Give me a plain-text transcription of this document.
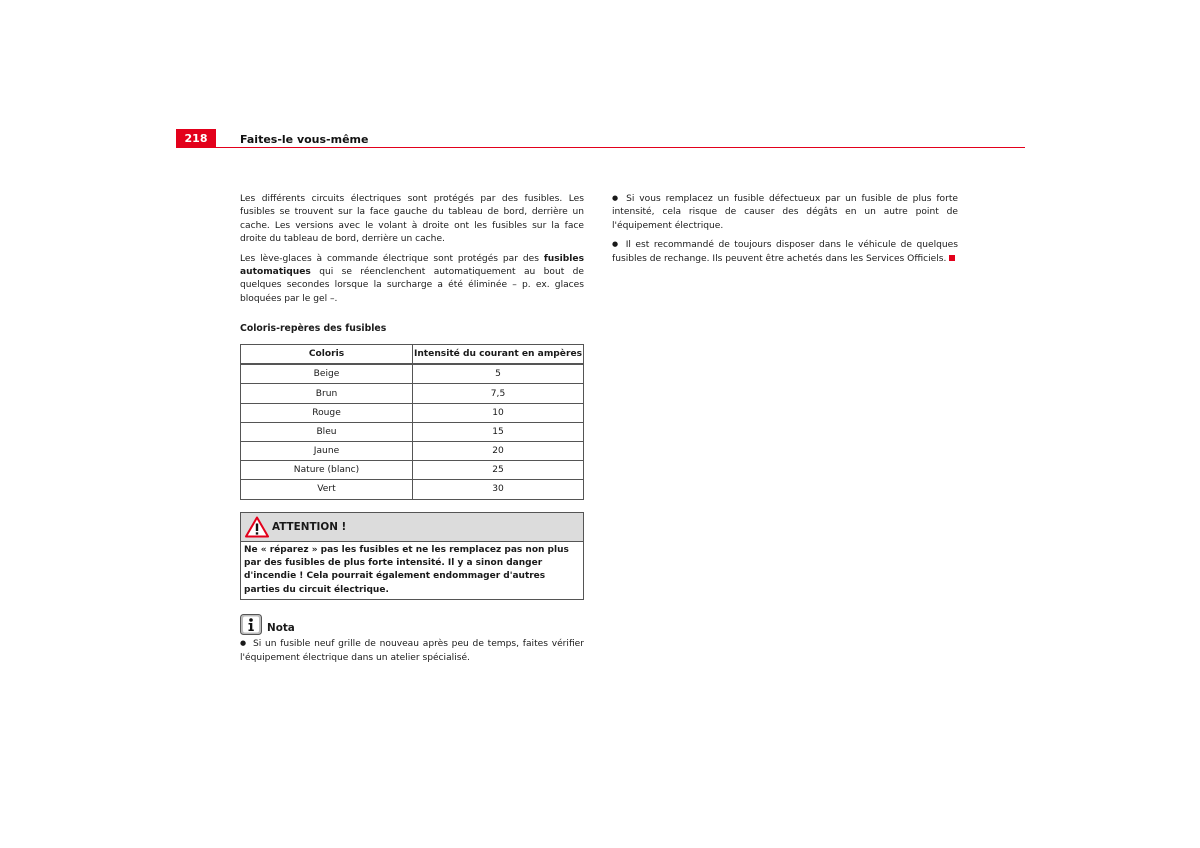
218	Faites-le vous-même

Les différents circuits électriques sont protégés par des fusibles. Les fusibles se trouvent sur la face gauche du tableau de bord, derrière un cache. Les versions avec le volant à droite ont les fusibles sur la face droite du tableau de bord, derrière un cache.

Les lève-glaces à commande électrique sont protégés par des fusibles automatiques qui se réenclenchent automatiquement au bout de quelques secondes lorsque la surcharge a été éliminée – p. ex. glaces bloquées par le gel –.

Coloris-repères des fusibles
Coloris	Intensité du courant en ampères
Beige	5
Brun	7,5
Rouge	10
Bleu	15
Jaune	20
Nature (blanc)	25
Vert	30
ATTENTION !
Ne « réparez » pas les fusibles et ne les remplacez pas non plus par des fusibles de plus forte intensité. Il y a sinon danger d'incendie ! Cela pourrait également endommager d'autres parties du circuit électrique.
Nota

● Si un fusible neuf grille de nouveau après peu de temps, faites vérifier l'équipement électrique dans un atelier spécialisé.

● Si vous remplacez un fusible défectueux par un fusible de plus forte intensité, cela risque de causer des dégâts en un autre point de l'équipement électrique.

● Il est recommandé de toujours disposer dans le véhicule de quelques fusibles de rechange. Ils peuvent être achetés dans les Services Officiels.
